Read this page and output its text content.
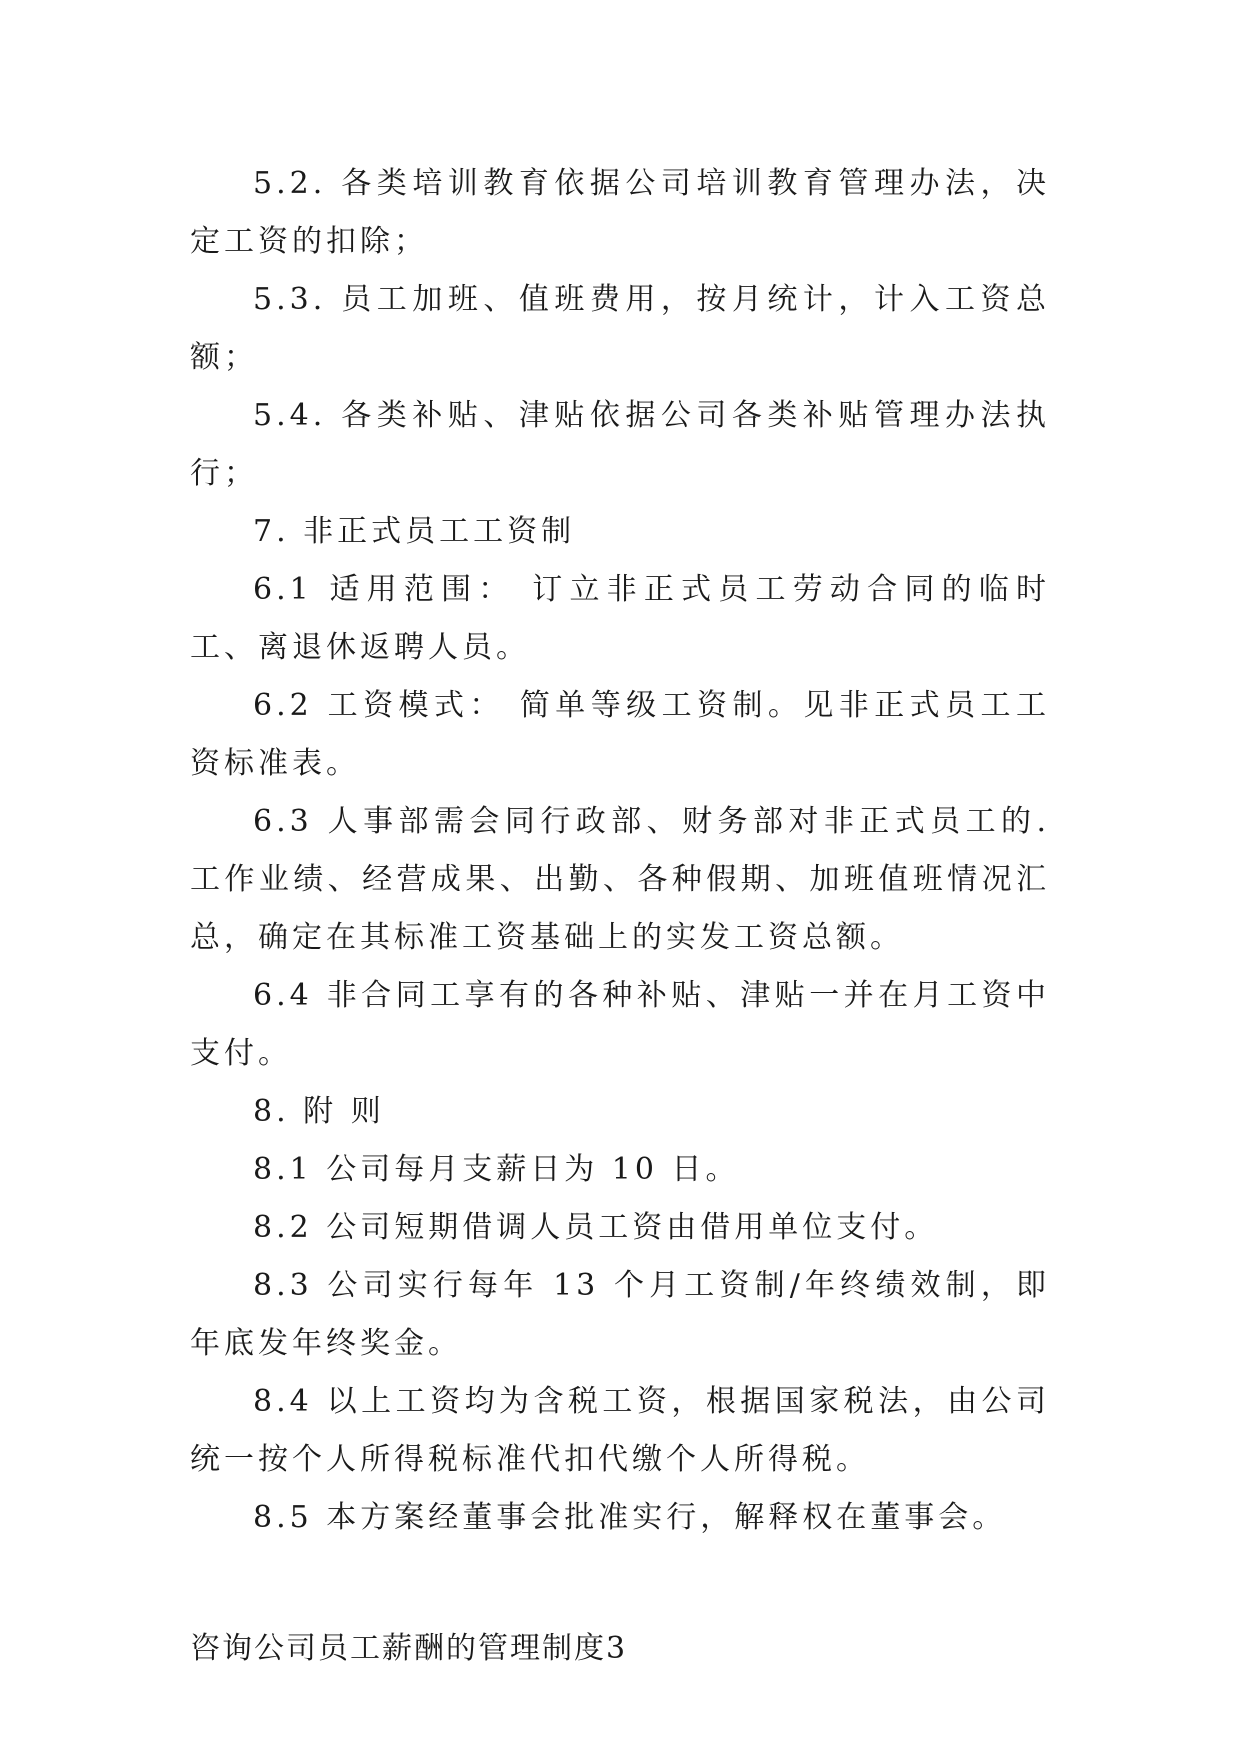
5.2. 各类培训教育依据公司培训教育管理办法，决定工资的扣除；

5.3. 员工加班、值班费用，按月统计，计入工资总额；

5.4. 各类补贴、津贴依据公司各类补贴管理办法执行；

7. 非正式员工工资制

6.1 适用范围： 订立非正式员工劳动合同的临时工、离退休返聘人员。

6.2 工资模式： 简单等级工资制。见非正式员工工资标准表。

6.3 人事部需会同行政部、财务部对非正式员工的.工作业绩、经营成果、出勤、各种假期、加班值班情况汇总，确定在其标准工资基础上的实发工资总额。

6.4 非合同工享有的各种补贴、津贴一并在月工资中支付。

8. 附 则

8.1 公司每月支薪日为 10 日。

8.2 公司短期借调人员工资由借用单位支付。

8.3 公司实行每年 13 个月工资制/年终绩效制，即年底发年终奖金。

8.4 以上工资均为含税工资，根据国家税法，由公司统一按个人所得税标准代扣代缴个人所得税。

8.5 本方案经董事会批准实行，解释权在董事会。

咨询公司员工薪酬的管理制度3
